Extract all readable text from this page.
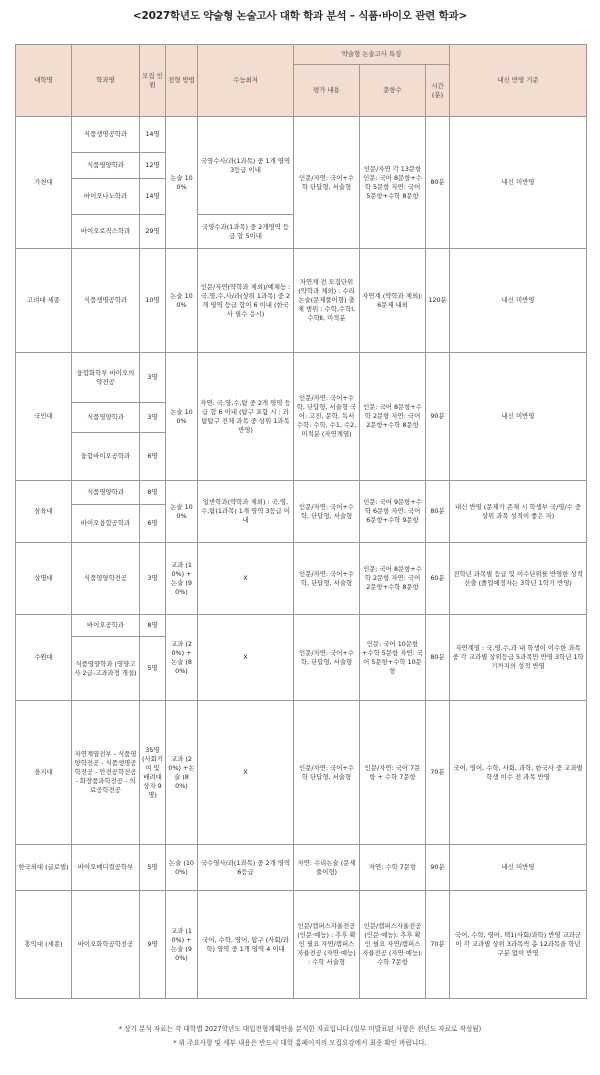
<2027학년도 약술형 논술고사 대학 학과 분석 – 식품·바이오 관련 학과>
대학명	학과명	모집 인원	전형 방법	수능최저	약술형 논술고사 특징			내신 반영 기준
					평가 내용	문항수	시간 (분)	
가천대	식품생명공학과	14명	논술 100%	국영수사/과(1과목) 중 1개 영역 3등급 이내	인문/자연: 국어+수학 단답형, 서술형	인문/자연 각 13문항 인문: 국어 8문항+수학 5문항 자연: 국어 5문항+수학 8문항	80분	내신 미반영
	식품영양학과	12명						
	바이오나노학과	14명						
	바이오로직스학과	29명		국영수과(1과목) 중 2개영역 등급 합 5이내				
고려대 세종	식품생명공학과	10명	논술 100%	인문/자연(약학과 제외)/예체능 : 국,영,수,사/과(상위 1과목) 중 2개 영역 등급 합이 6 이내 (한국사 필수 응시)	자연계 전 모집단위 (약학과 제외) : 수리논술(문제풀이형) 출제 범위 : 수학,수학Ⅰ,수학Ⅱ, 미적분	자연계 (약학과 제외): 6문제 내외	120분	내신 미반영
국민대	융합화학부 바이오의약전공	3명	논술 100%	자연: 국,영,수,탐 중 2개 영역 등급 합 6 이내 (탐구 포함 시 : 과탐탐구 전체 과목 중 상위 1과목 반영)	인문/자연: 국어+수학, 단답형, 서술형 국어: 고전, 문학, 독서 수학: 수학, 수1, 수2, 미적분 (자연계열)	인문: 국어 8문항+수학 2문항 자연: 국어 2문항+수학 8문항	90분	내신 미반영
	식품영양학과	3명						
	융합바이오공학과	6명						
삼육대	식품영양학과	8명	논술 100%	일반학과(약학과 제외) : 국,영,수,탐(1과목) 1개 영역 3등급 이내	인문/자연: 국어+수학, 단답형, 서술형	인문: 국어 9문항+수학 6문항 자연: 국어 6문항+수학 9문항	80분	내신 반영 (문제가 존재 시 학생부 국/영/수 중 상위 과목 성적이 좋은 자)
	바이오융합공학과	6명						
상명대	식품영양학전공	3명	교과 (10%) + 논술 (90%)	X	인문/자연: 국어+수학, 단답형, 서술형	인문: 국어 8문항+수학 2문항 자연: 국어 2문항+수학 8문항	60분	전학년 과목별 등급 및 이수단위를 반영한 성적 산출 (졸업예정자는 3학년 1학기 반영)
수원대	바이오공학과	8명	교과 (20%) + 논술 (80%)	X	인문/자연: 국어+수학, 단답형, 서술형	인문: 국어 10문항+수학 5문항 자연: 국어 5문항+수학 10문항	80분	자연계열 : 국,영,수,과 내 학생이 이수한 과목 중 각 교과별 상위등급 5과목만 반영 3학년 1학기까지의 성적 반영
	식품영양학과 (영양고사 2급-고과과정 개설)	5명						
을지대	자연계열전부 - 식품영양학전공 - 식품생명공학전공 - 안전공학전공 - 화장품과학전공 - 의료공학전공	35명 (사회기여 및 배려대상자 9명)	교과 (20%) +논술 (80%)	X	인문/자연: 국어+수학 단답형, 서술형	인문/자연: 국어 7문항 + 수학 7문항	70분	국어, 영어, 수학, 사회, 과학, 한국사 중 교과별 학생 이수 전 과목 반영
한국외대 (글로벌)	바이오메디컬공학부	5명	논술 (100%)	국수영사/과(1과목) 중 2개 영역 6등급	자연: 수리논술 (문제풀이형)	자연: 수학 7문항	90분	내신 미반영
홍익대 (세종)	바이오화학공학전공	9명	교과 (10%) + 논술 (90%)	국어, 수학, 영어, 탐구 (사회/과학) 영역 중 1개 영역 4 이내	인문/캠퍼스자율전공 (인문·예능) : 추후 확인 필요 자연/캠퍼스자율전공 (자연·예능) : 수학 서술형	인문/캠퍼스자율전공(인문·예능): 추후 확인 필요 자연/캠퍼스자율전공 (자연·예능): 수학 7문항	70분	국어, 수학, 영어, 택1(사회/과학) 반영 교과군이 각 교과별 상위 3과목씩 총 12과목을 학년 구분 없이 반영
* 상기 분석 자료는 각 대학별 2027학년도 대입전형계획안을 분석한 자료입니다.(일부 미발표된 사항은 전년도 자료로 작성됨)
* 위 주요사항 및 세부 내용은 반드시 대학 홈페이지의 모집요강에서 최종 확인 바랍니다.
